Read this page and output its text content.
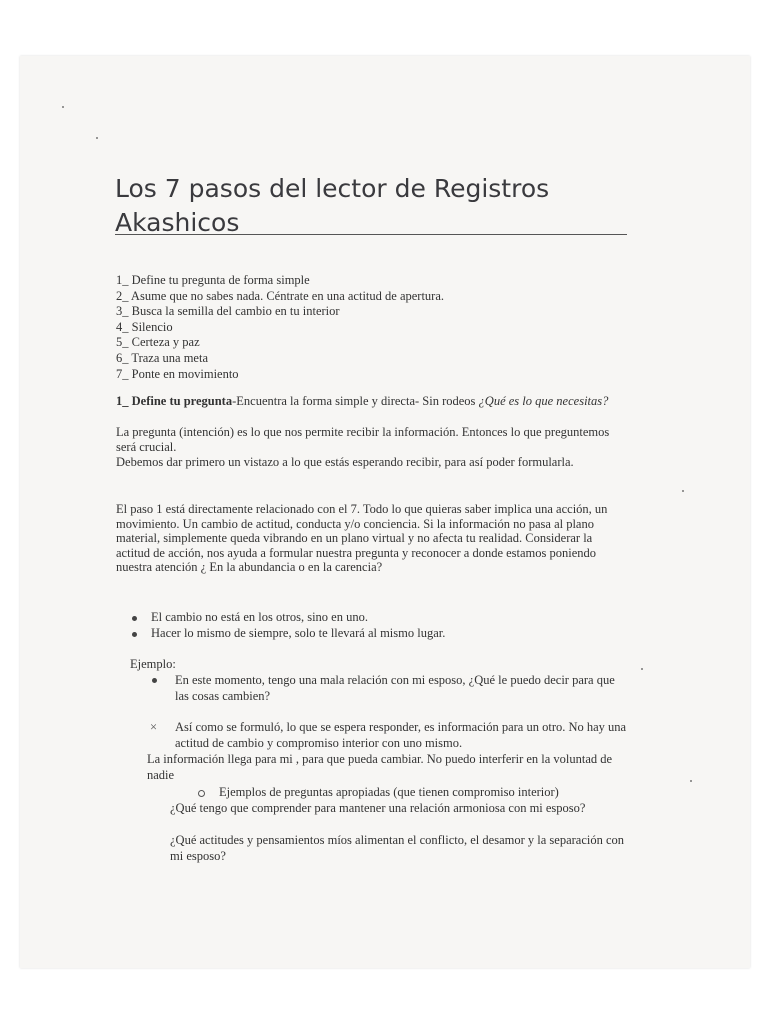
Los 7 pasos del lector de Registros Akashicos
1_ Define tu pregunta de forma simple
2_ Asume que no sabes nada. Céntrate en una actitud de apertura.
3_ Busca la semilla del cambio en tu interior
4_ Silencio
5_ Certeza y paz
6_ Traza una meta
7_ Ponte en movimiento

1_ Define tu pregunta-Encuentra la forma simple y directa- Sin rodeos ¿Qué es lo que necesitas?

La pregunta (intención) es lo que nos permite recibir la información. Entonces lo que preguntemos será crucial.

Debemos dar primero un vistazo a lo que estás esperando recibir, para así poder formularla.

El paso 1 está directamente relacionado con el 7. Todo lo que quieras saber implica una acción, un movimiento. Un cambio de actitud, conducta y/o conciencia. Si la información no pasa al plano material, simplemente queda vibrando en un plano virtual y no afecta tu realidad. Considerar la actitud de acción, nos ayuda a formular nuestra pregunta y reconocer a donde estamos poniendo nuestra atención ¿ En la abundancia o en la carencia?

El cambio no está en los otros, sino en uno.
Hacer lo mismo de siempre, solo te llevará al mismo lugar.
Ejemplo:
En este momento, tengo una mala relación con mi esposo, ¿Qué le puedo decir para que las cosas cambien?
×	Así como se formuló, lo que se espera responder, es información para un otro. No hay una actitud de cambio y compromiso interior con uno mismo.
La información llega para mi , para que pueda cambiar. No puedo interferir en la voluntad de nadie
Ejemplos de preguntas apropiadas (que tienen compromiso interior)
¿Qué tengo que comprender para mantener una relación armoniosa con mi esposo?
¿Qué actitudes y pensamientos míos alimentan el conflicto, el desamor y la separación con mi esposo?
